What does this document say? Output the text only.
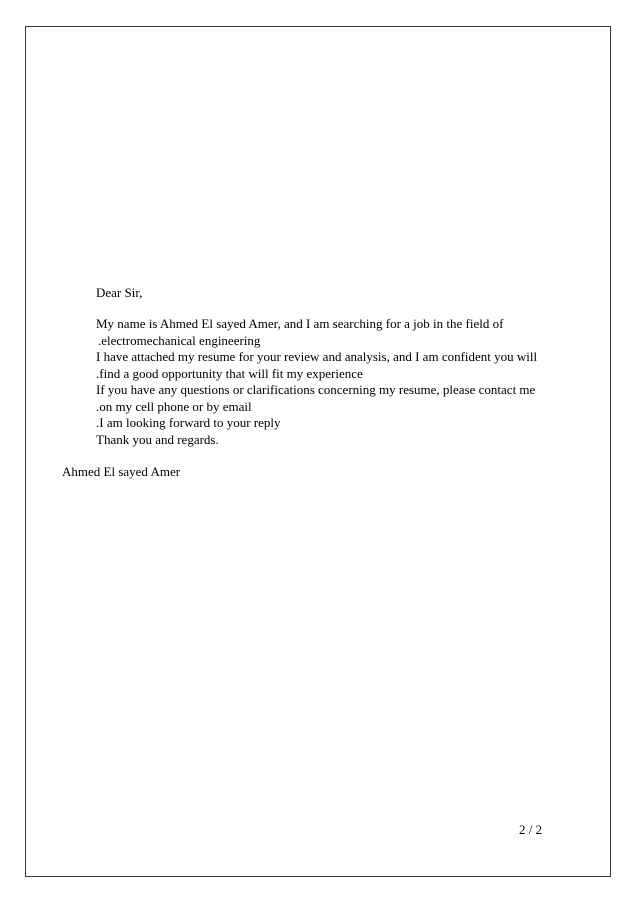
Dear Sir,
My name is Ahmed El sayed Amer, and I am searching for a job in the field of
.electromechanical engineering
I have attached my resume for your review and analysis, and I am confident you will
.find a good opportunity that will fit my experience
If you have any questions or clarifications concerning my resume, please contact me
.on my cell phone or by email
.I am looking forward to your reply
Thank you and regards.
Ahmed El sayed Amer
2 / 2
